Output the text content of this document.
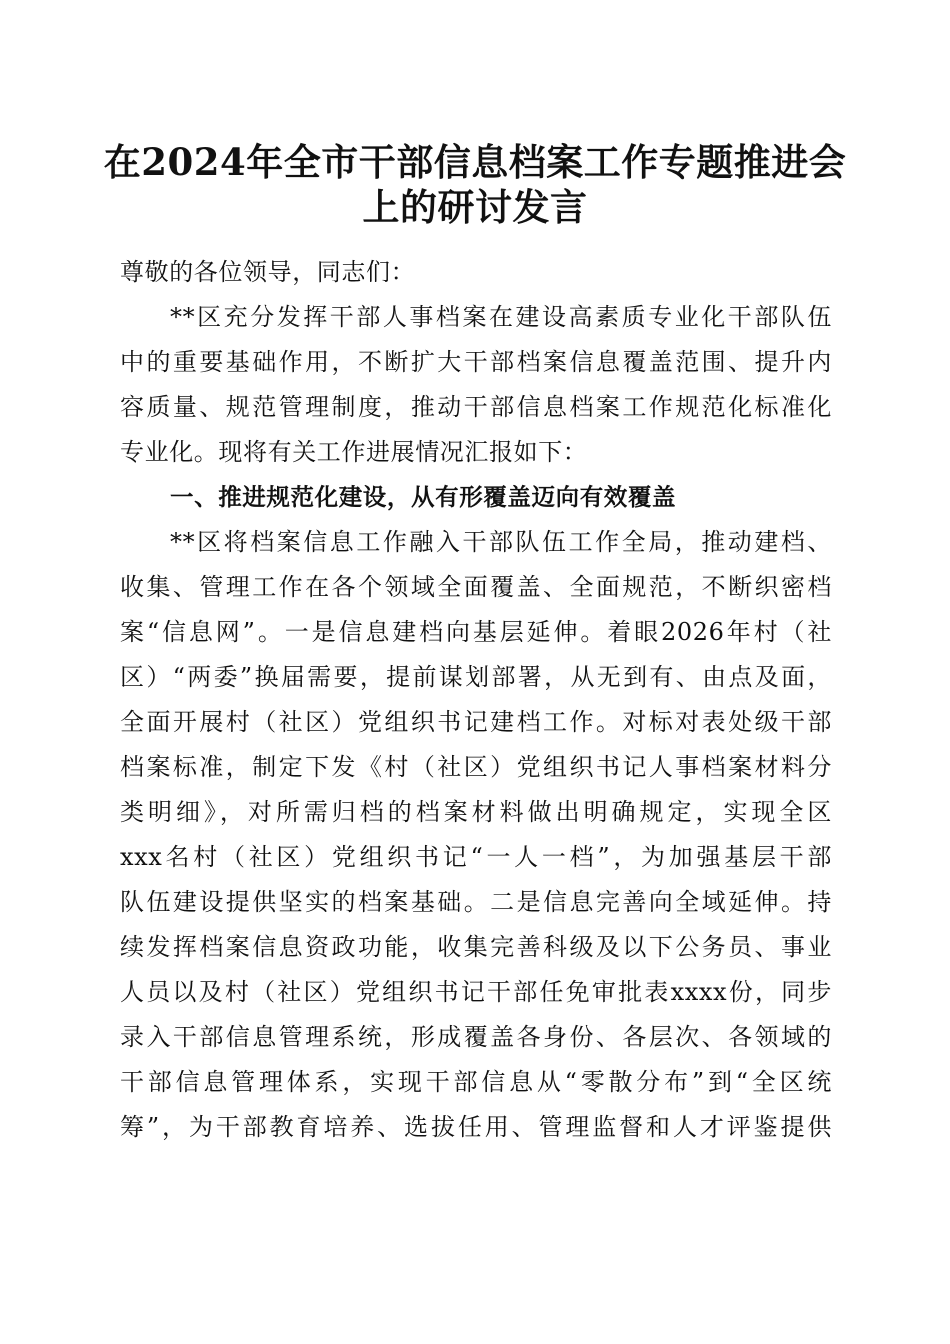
在2024年全市干部信息档案工作专题推进会
上的研讨发言
尊敬的各位领导，同志们：
**区充分发挥干部人事档案在建设高素质专业化干部队伍
中的重要基础作用，不断扩大干部档案信息覆盖范围、提升内
容质量、规范管理制度，推动干部信息档案工作规范化标准化
专业化。现将有关工作进展情况汇报如下：
一、推进规范化建设，从有形覆盖迈向有效覆盖
**区将档案信息工作融入干部队伍工作全局，推动建档、
收集、管理工作在各个领域全面覆盖、全面规范，不断织密档
案“信息网”。一是信息建档向基层延伸。着眼2026年村（社
区）“两委”换届需要，提前谋划部署，从无到有、由点及面，
全面开展村（社区）党组织书记建档工作。对标对表处级干部
档案标准，制定下发《村（社区）党组织书记人事档案材料分
类明细》，对所需归档的档案材料做出明确规定，实现全区
xxx名村（社区）党组织书记“一人一档”，为加强基层干部
队伍建设提供坚实的档案基础。二是信息完善向全域延伸。持
续发挥档案信息资政功能，收集完善科级及以下公务员、事业
人员以及村（社区）党组织书记干部任免审批表xxxx份，同步
录入干部信息管理系统，形成覆盖各身份、各层次、各领域的
干部信息管理体系，实现干部信息从“零散分布”到“全区统
筹”，为干部教育培养、选拔任用、管理监督和人才评鉴提供
